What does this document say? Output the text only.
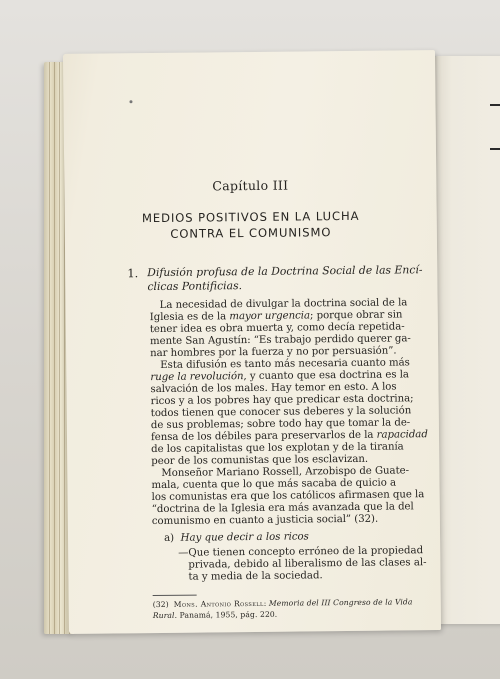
Capítulo III
MEDIOS POSITIVOS EN LA LUCHA
CONTRA EL COMUNISMO
1. Difusión profusa de la Doctrina Social de las Encí-
clicas Pontificias.
La necesidad de divulgar la doctrina social de la
Iglesia es de la mayor urgencia; porque obrar sin
tener idea es obra muerta y, como decía repetida-
mente San Agustín: “Es trabajo perdido querer ga-
nar hombres por la fuerza y no por persuasión”.
Esta difusión es tanto más necesaria cuanto más
ruge la revolución, y cuanto que esa doctrina es la
salvación de los males. Hay temor en esto. A los
ricos y a los pobres hay que predicar esta doctrina;
todos tienen que conocer sus deberes y la solución
de sus problemas; sobre todo hay que tomar la de-
fensa de los débiles para preservarlos de la rapacidad
de los capitalistas que los explotan y de la tiranía
peor de los comunistas que los esclavizan.
Monseñor Mariano Rossell, Arzobispo de Guate-
mala, cuenta que lo que más sacaba de quicio a
los comunistas era que los católicos afirmasen que la
“doctrina de la Iglesia era más avanzada que la del
comunismo en cuanto a justicia social” (32).
a) Hay que decir a los ricos
—Que tienen concepto erróneo de la propiedad
privada, debido al liberalismo de las clases al-
ta y media de la sociedad.
(32) Mons. Antonio Rossell: Memoria del III Congreso de la Vida
Rural. Panamá, 1955, pág. 220.
